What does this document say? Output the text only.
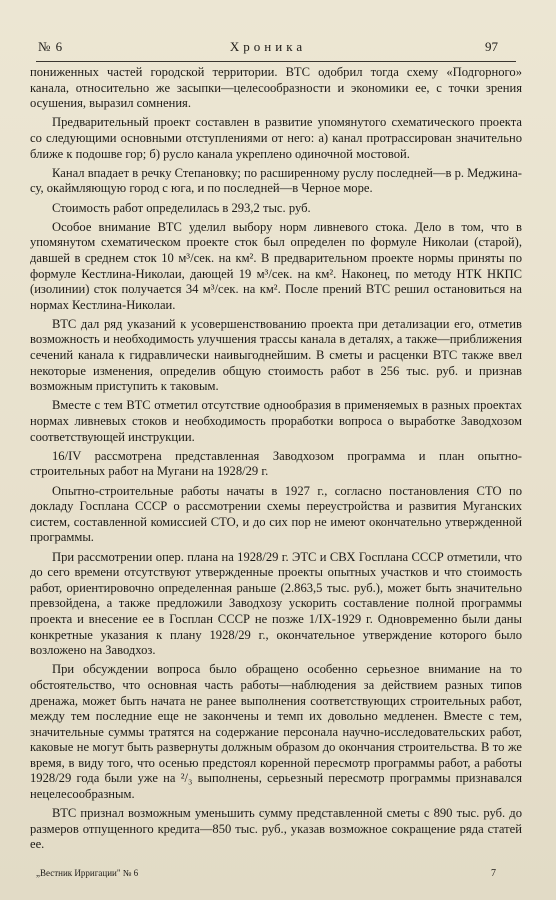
№ 6	Хроника	97

пониженных частей городской территории. ВТС одобрил тогда схему «Подгорного» канала, относительно же засыпки—целесообразности и экономики ее, с точки зрения осушения, выразил сомнения.

Предварительный проект составлен в развитие упомянутого схематического проекта со следующими основными отступлениями от него: а) канал протрассирован значительно ближе к подошве гор; б) русло канала укреплено одиночной мостовой.

Канал впадает в речку Степановку; по расширенному руслу последней—в р. Меджина-су, окаймляющую город с юга, и по последней—в Черное море.

Стоимость работ определилась в 293,2 тыс. руб.

Особое внимание ВТС уделил выбору норм ливневого стока. Дело в том, что в упомянутом схематическом проекте сток был определен по формуле Николаи (старой), давшей в среднем сток 10 м³/сек. на км². В предварительном проекте нормы приняты по формуле Кестлина-Николаи, дающей 19 м³/сек. на км². Наконец, по методу НТК НКПС (изолинии) сток получается 34 м³/сек. на км². После прений ВТС решил остановиться на нормах Кестлина-Николаи.

ВТС дал ряд указаний к усовершенствованию проекта при детализации его, отметив возможность и необходимость улучшения трассы канала в деталях, а также—приближения сечений канала к гидравлически наивыгоднейшим. В сметы и расценки ВТС также ввел некоторые изменения, определив общую стоимость работ в 256 тыс. руб. и признав возможным приступить к таковым.

Вместе с тем ВТС отметил отсутствие однообразия в применяемых в разных проектах нормах ливневых стоков и необходимость проработки вопроса о выработке Заводхозом соответствующей инструкции.

16/IV рассмотрена представленная Заводхозом программа и план опытно-строительных работ на Мугани на 1928/29 г.

Опытно-строительные работы начаты в 1927 г., согласно постановления СТО по докладу Госплана СССР о рассмотрении схемы переустройства и развития Муганских систем, составленной комиссией СТО, и до сих пор не имеют окончательно утвержденной программы.

При рассмотрении опер. плана на 1928/29 г. ЭТС и СВХ Госплана СССР отметили, что до сего времени отсутствуют утвержденные проекты опытных участков и что стоимость работ, ориентировочно определенная раньше (2.863,5 тыс. руб.), может быть значительно превзойдена, а также предложили Заводхозу ускорить составление полной программы проекта и внесение ее в Госплан СССР не позже 1/IX-1929 г. Одновременно были даны конкретные указания к плану 1928/29 г., окончательное утверждение которого было возложено на Заводхоз.

При обсуждении вопроса было обращено особенно серьезное внимание на то обстоятельство, что основная часть работы—наблюдения за действием разных типов дренажа, может быть начата не ранее выполнения соответствующих строительных работ, между тем последние еще не закончены и темп их довольно медленен. Вместе с тем, значительные суммы тратятся на содержание персонала научно-исследовательских работ, каковые не могут быть развернуты должным образом до окончания строительства. В то же время, в виду того, что осенью предстоял коренной пересмотр программы работ, а работы 1928/29 года были уже на ²/₃ выполнены, серьезный пересмотр программы признавался нецелесообразным.

ВТС признал возможным уменьшить сумму представленной сметы с 890 тыс. руб. до размеров отпущенного кредита—850 тыс. руб., указав возможное сокращение ряда статей ее.

„Вестник Ирригации" № 6	7
